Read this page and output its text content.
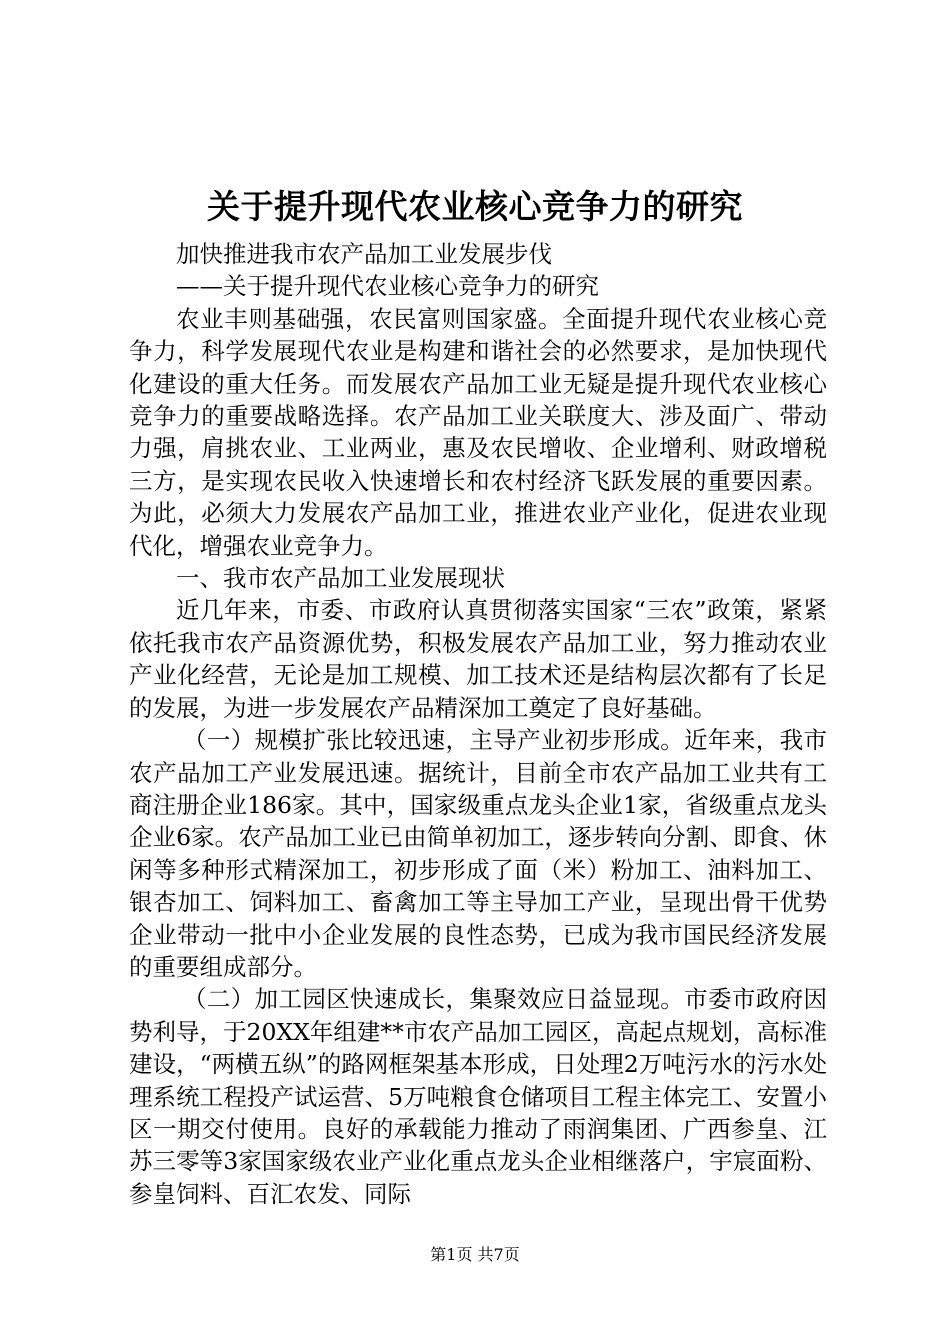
关于提升现代农业核心竞争力的研究

加快推进我市农产品加工业发展步伐

——关于提升现代农业核心竞争力的研究

农业丰则基础强，农民富则国家盛。全面提升现代农业核心竞争力，科学发展现代农业是构建和谐社会的必然要求，是加快现代化建设的重大任务。而发展农产品加工业无疑是提升现代农业核心竞争力的重要战略选择。农产品加工业关联度大、涉及面广、带动力强，肩挑农业、工业两业，惠及农民增收、企业增利、财政增税三方，是实现农民收入快速增长和农村经济飞跃发展的重要因素。为此，必须大力发展农产品加工业，推进农业产业化，促进农业现代化，增强农业竞争力。

一、我市农产品加工业发展现状

近几年来，市委、市政府认真贯彻落实国家“三农”政策，紧紧依托我市农产品资源优势，积极发展农产品加工业，努力推动农业产业化经营，无论是加工规模、加工技术还是结构层次都有了长足的发展，为进一步发展农产品精深加工奠定了良好基础。

（一）规模扩张比较迅速，主导产业初步形成。近年来，我市农产品加工产业发展迅速。据统计，目前全市农产品加工业共有工商注册企业186家。其中，国家级重点龙头企业1家，省级重点龙头企业6家。农产品加工业已由简单初加工，逐步转向分割、即食、休闲等多种形式精深加工，初步形成了面（米）粉加工、油料加工、银杏加工、饲料加工、畜禽加工等主导加工产业，呈现出骨干优势企业带动一批中小企业发展的良性态势，已成为我市国民经济发展的重要组成部分。

（二）加工园区快速成长，集聚效应日益显现。市委市政府因势利导，于20XX年组建**市农产品加工园区，高起点规划，高标准建设，“两横五纵”的路网框架基本形成，日处理2万吨污水的污水处理系统工程投产试运营、5万吨粮食仓储项目工程主体完工、安置小区一期交付使用。良好的承载能力推动了雨润集团、广西参皇、江苏三零等3家国家级农业产业化重点龙头企业相继落户，宇宸面粉、参皇饲料、百汇农发、同际

第1页 共7页
